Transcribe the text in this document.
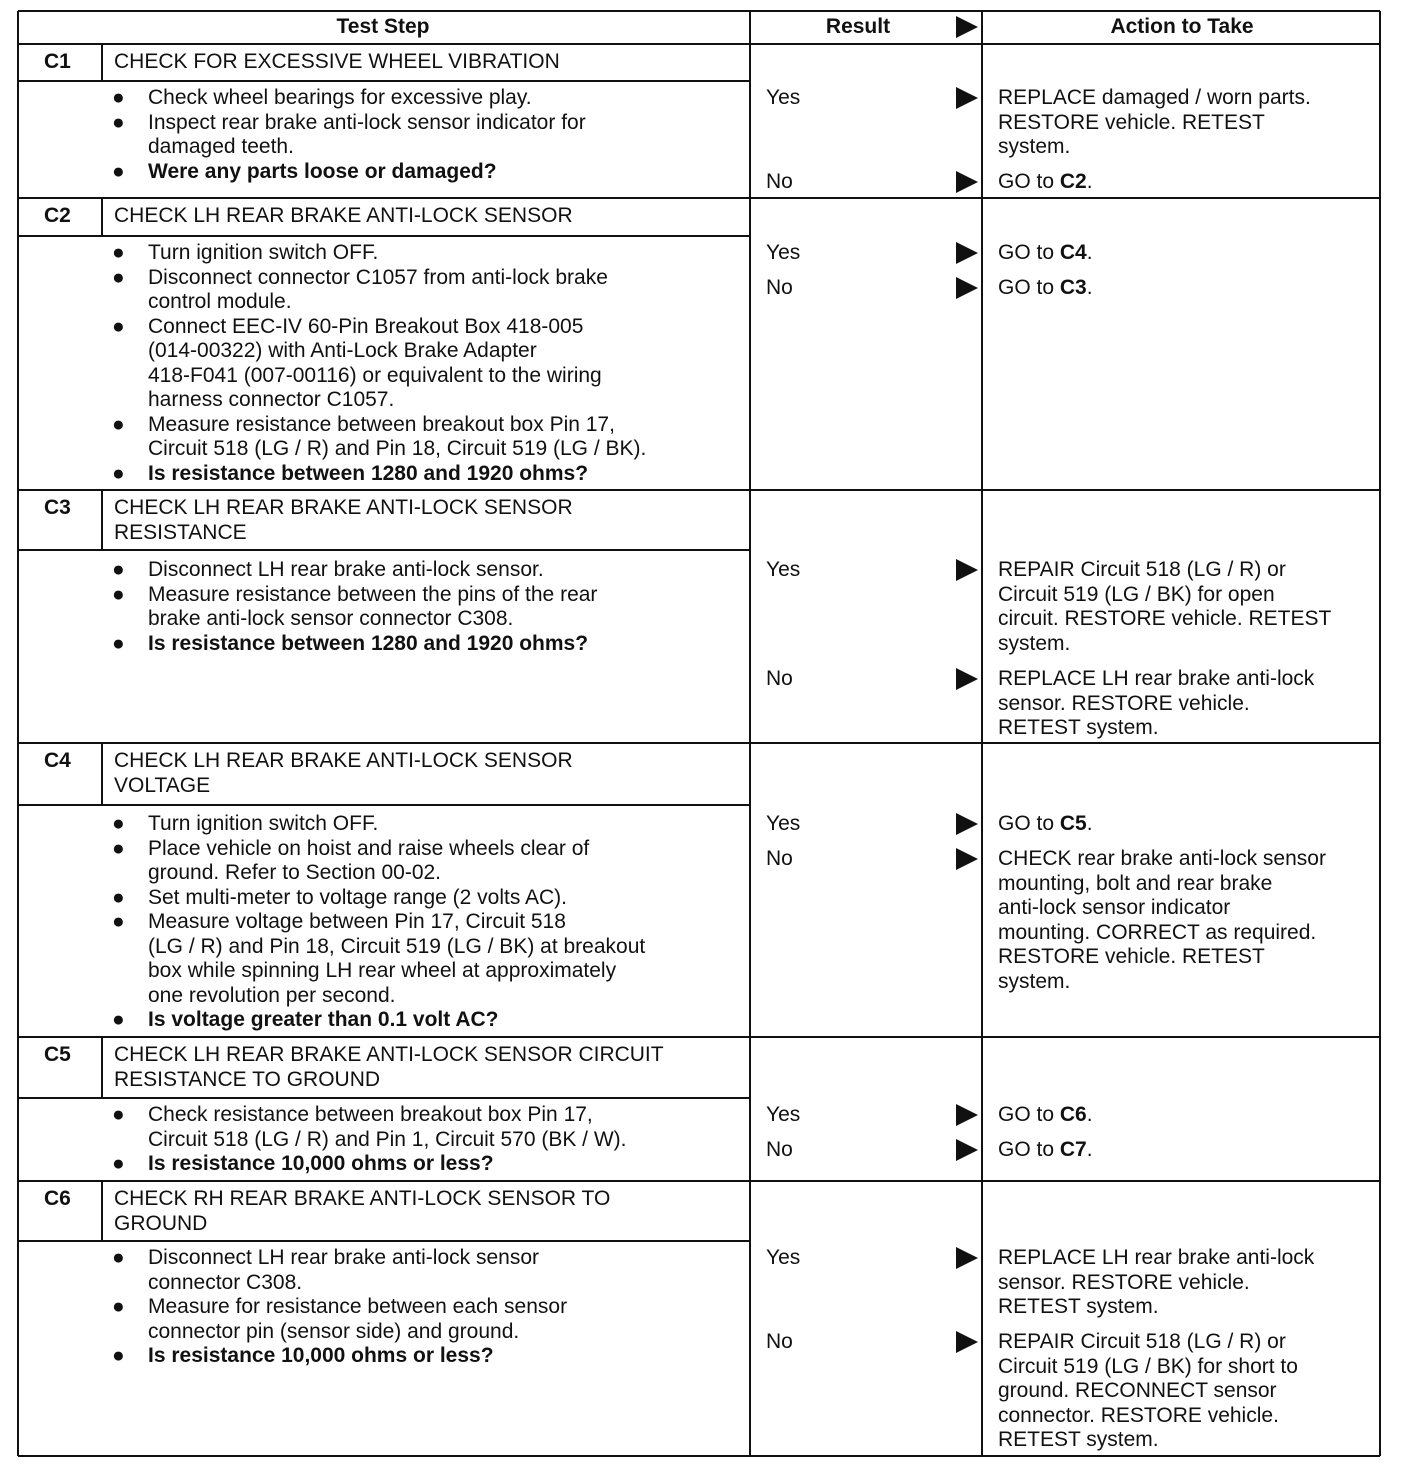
Test Step	Result	Action to Take
C1 CHECK FOR EXCESSIVE WHEEL VIBRATION
●	Check wheel bearings for excessive play.
●	Inspect rear brake anti-lock sensor indicator for
damaged teeth.
●	Were any parts loose or damaged?
Yes	REPLACE damaged / worn parts.
RESTORE vehicle. RETEST
system.
No	GO to C2.
C2 CHECK LH REAR BRAKE ANTI-LOCK SENSOR
●	Turn ignition switch OFF.
●	Disconnect connector C1057 from anti-lock brake
control module.
●	Connect EEC-IV 60-Pin Breakout Box 418-005
(014-00322) with Anti-Lock Brake Adapter
418-F041 (007-00116) or equivalent to the wiring
harness connector C1057.
●	Measure resistance between breakout box Pin 17,
Circuit 518 (LG / R) and Pin 18, Circuit 519 (LG / BK).
●	Is resistance between 1280 and 1920 ohms?
Yes	GO to C4.
No	GO to C3.
C3 CHECK LH REAR BRAKE ANTI-LOCK SENSOR
RESISTANCE
●	Disconnect LH rear brake anti-lock sensor.
●	Measure resistance between the pins of the rear
brake anti-lock sensor connector C308.
●	Is resistance between 1280 and 1920 ohms?
Yes	REPAIR Circuit 518 (LG / R) or
Circuit 519 (LG / BK) for open
circuit. RESTORE vehicle. RETEST
system.
No	REPLACE LH rear brake anti-lock
sensor. RESTORE vehicle.
RETEST system.
C4 CHECK LH REAR BRAKE ANTI-LOCK SENSOR
VOLTAGE
●	Turn ignition switch OFF.
●	Place vehicle on hoist and raise wheels clear of
ground. Refer to Section 00-02.
●	Set multi-meter to voltage range (2 volts AC).
●	Measure voltage between Pin 17, Circuit 518
(LG / R) and Pin 18, Circuit 519 (LG / BK) at breakout
box while spinning LH rear wheel at approximately
one revolution per second.
●	Is voltage greater than 0.1 volt AC?
Yes	GO to C5.
No	CHECK rear brake anti-lock sensor
mounting, bolt and rear brake
anti-lock sensor indicator
mounting. CORRECT as required.
RESTORE vehicle. RETEST
system.
C5 CHECK LH REAR BRAKE ANTI-LOCK SENSOR CIRCUIT
RESISTANCE TO GROUND
●	Check resistance between breakout box Pin 17,
Circuit 518 (LG / R) and Pin 1, Circuit 570 (BK / W).
●	Is resistance 10,000 ohms or less?
Yes	GO to C6.
No	GO to C7.
C6 CHECK RH REAR BRAKE ANTI-LOCK SENSOR TO
GROUND
●	Disconnect LH rear brake anti-lock sensor
connector C308.
●	Measure for resistance between each sensor
connector pin (sensor side) and ground.
●	Is resistance 10,000 ohms or less?
Yes	REPLACE LH rear brake anti-lock
sensor. RESTORE vehicle.
RETEST system.
No	REPAIR Circuit 518 (LG / R) or
Circuit 519 (LG / BK) for short to
ground. RECONNECT sensor
connector. RESTORE vehicle.
RETEST system.
